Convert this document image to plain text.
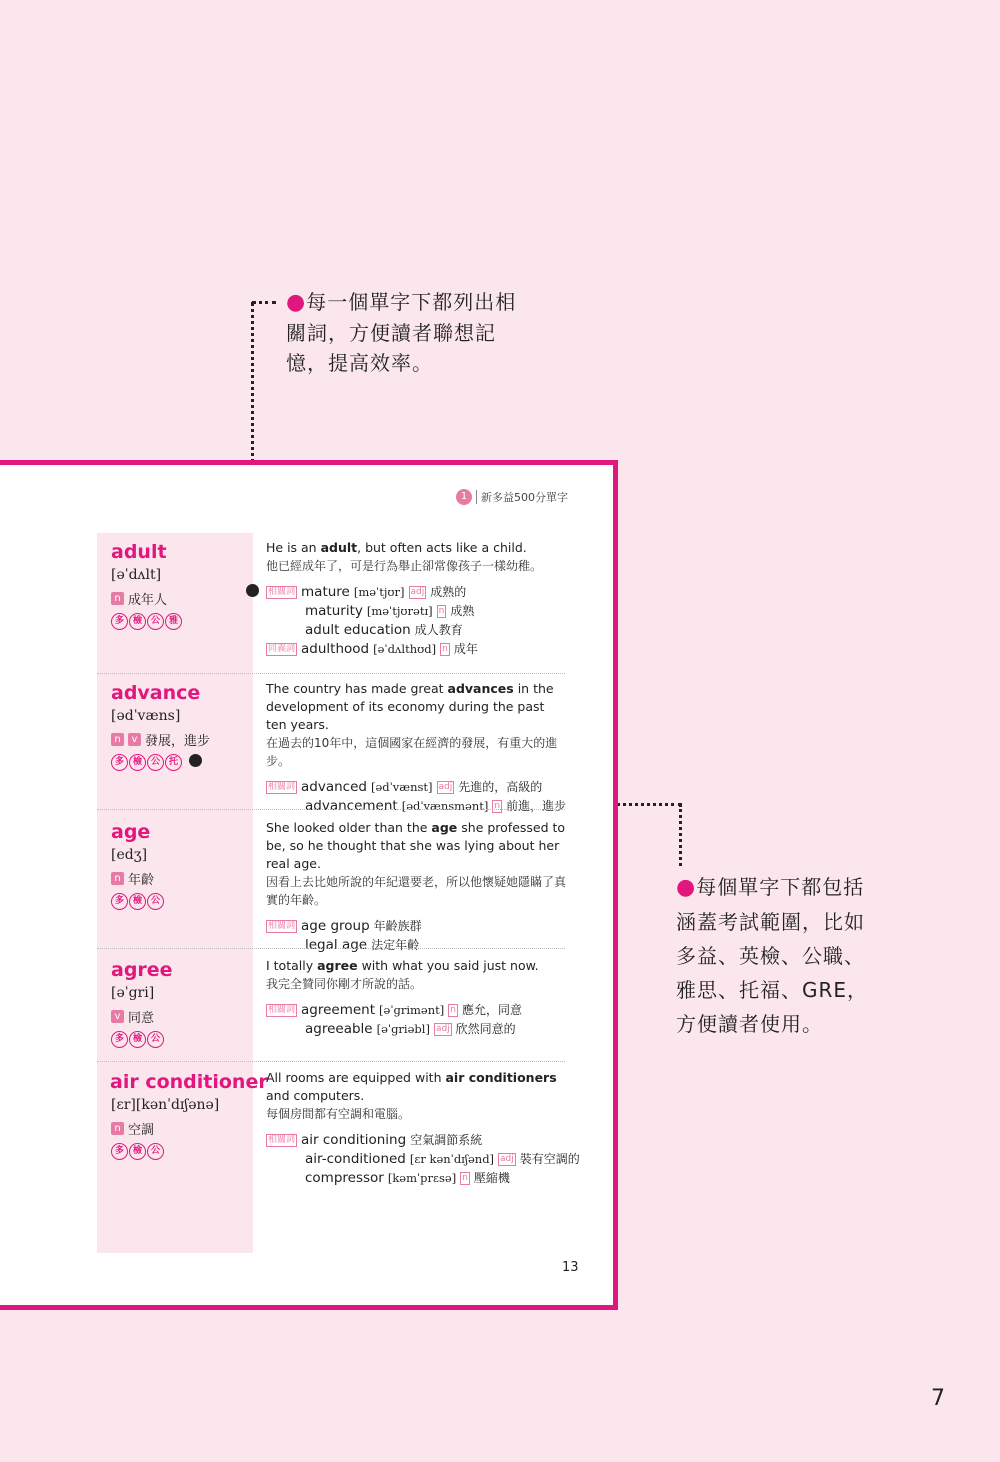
●每一個單字下都列出相

關詞，方便讀者聯想記

憶，提高效率。

●每個單字下都包括

涵蓋考試範圍，比如

多益、英檢、公職、

雅思、托福、GRE，

方便讀者使用。

1	新多益500分單字
adult
[əˈdʌlt]
n 成年人
多 檢 公 雅

He is an adult, but often acts like a child.

他已經成年了，可是行為舉止卻常像孩子一樣幼稚。

相關詞 mature [məˈtjʊr] adj 成熟的
maturity [məˈtjʊrətɪ] n 成熟
adult education 成人教育
同義詞 adulthood [əˈdʌlthʊd] n 成年
advance
[ədˈvæns]
n	v 發展，進步
多 檢 公 托

The country has made great advances in the development of its economy during the past ten years.

在過去的10年中，這個國家在經濟的發展，有重大的進步。

相關詞 advanced [ədˈvænst] adj 先進的，高級的
advancement [ədˈvænsmənt] n 前進，進步
age
[edʒ]
n 年齡
多 檢 公

She looked older than the age she professed to be, so he thought that she was lying about her real age.

因看上去比她所說的年紀還要老，所以他懷疑她隱瞞了真實的年齡。

相關詞 age group 年齡族群
legal age 法定年齡
agree
[əˈgri]
v 同意
多 檢 公

I totally agree with what you said just now.

我完全贊同你剛才所說的話。

相關詞 agreement [əˈgrimənt] n 應允，同意
agreeable [əˈgriəbl] adj 欣然同意的
air conditioner
[ɛr][kənˈdɪʃənə]
n 空調
多 檢 公

All rooms are equipped with air conditioners and computers.

每個房間都有空調和電腦。

相關詞 air conditioning 空氣調節系統
air-conditioned [ɛr kənˈdɪʃənd] adj 裝有空調的
compressor [kəmˈprɛsə] n 壓縮機
13
7
